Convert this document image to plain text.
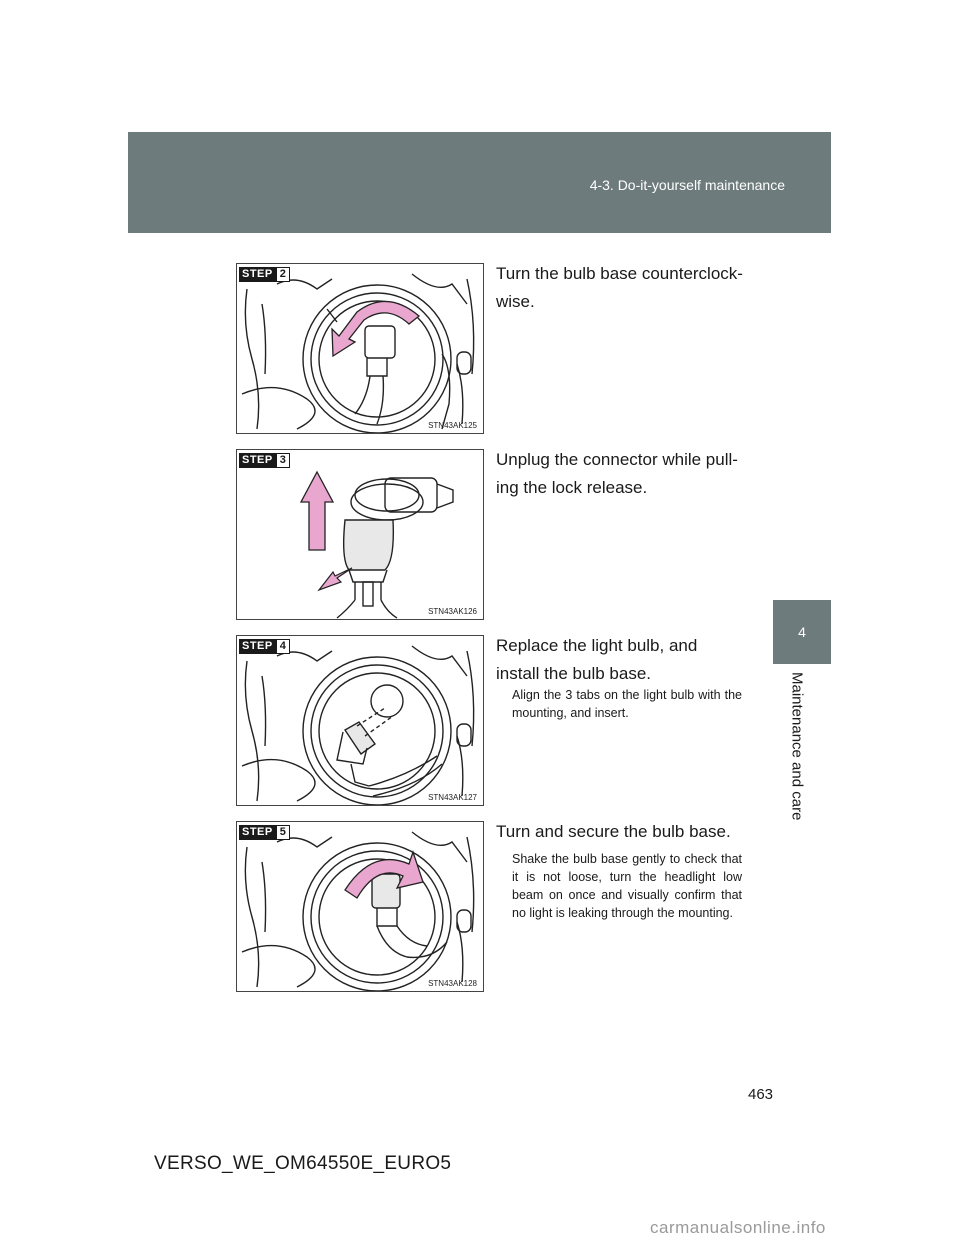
4-3. Do-it-yourself maintenance
4
Maintenance and care
STEP 2
STN43AK125
Turn the bulb base counterclock-wise.
STEP 3
STN43AK126
Unplug the connector while pull-ing the lock release.
STEP 4
STN43AK127
Replace the light bulb, and install the bulb base.
Align the 3 tabs on the light bulb with the mounting, and insert.
STEP 5
STN43AK128
Turn and secure the bulb base.
Shake the bulb base gently to check that it is not loose, turn the headlight low beam on once and visually confirm that no light is leaking through the mounting.
463
VERSO_WE_OM64550E_EURO5
carmanualsonline.info
